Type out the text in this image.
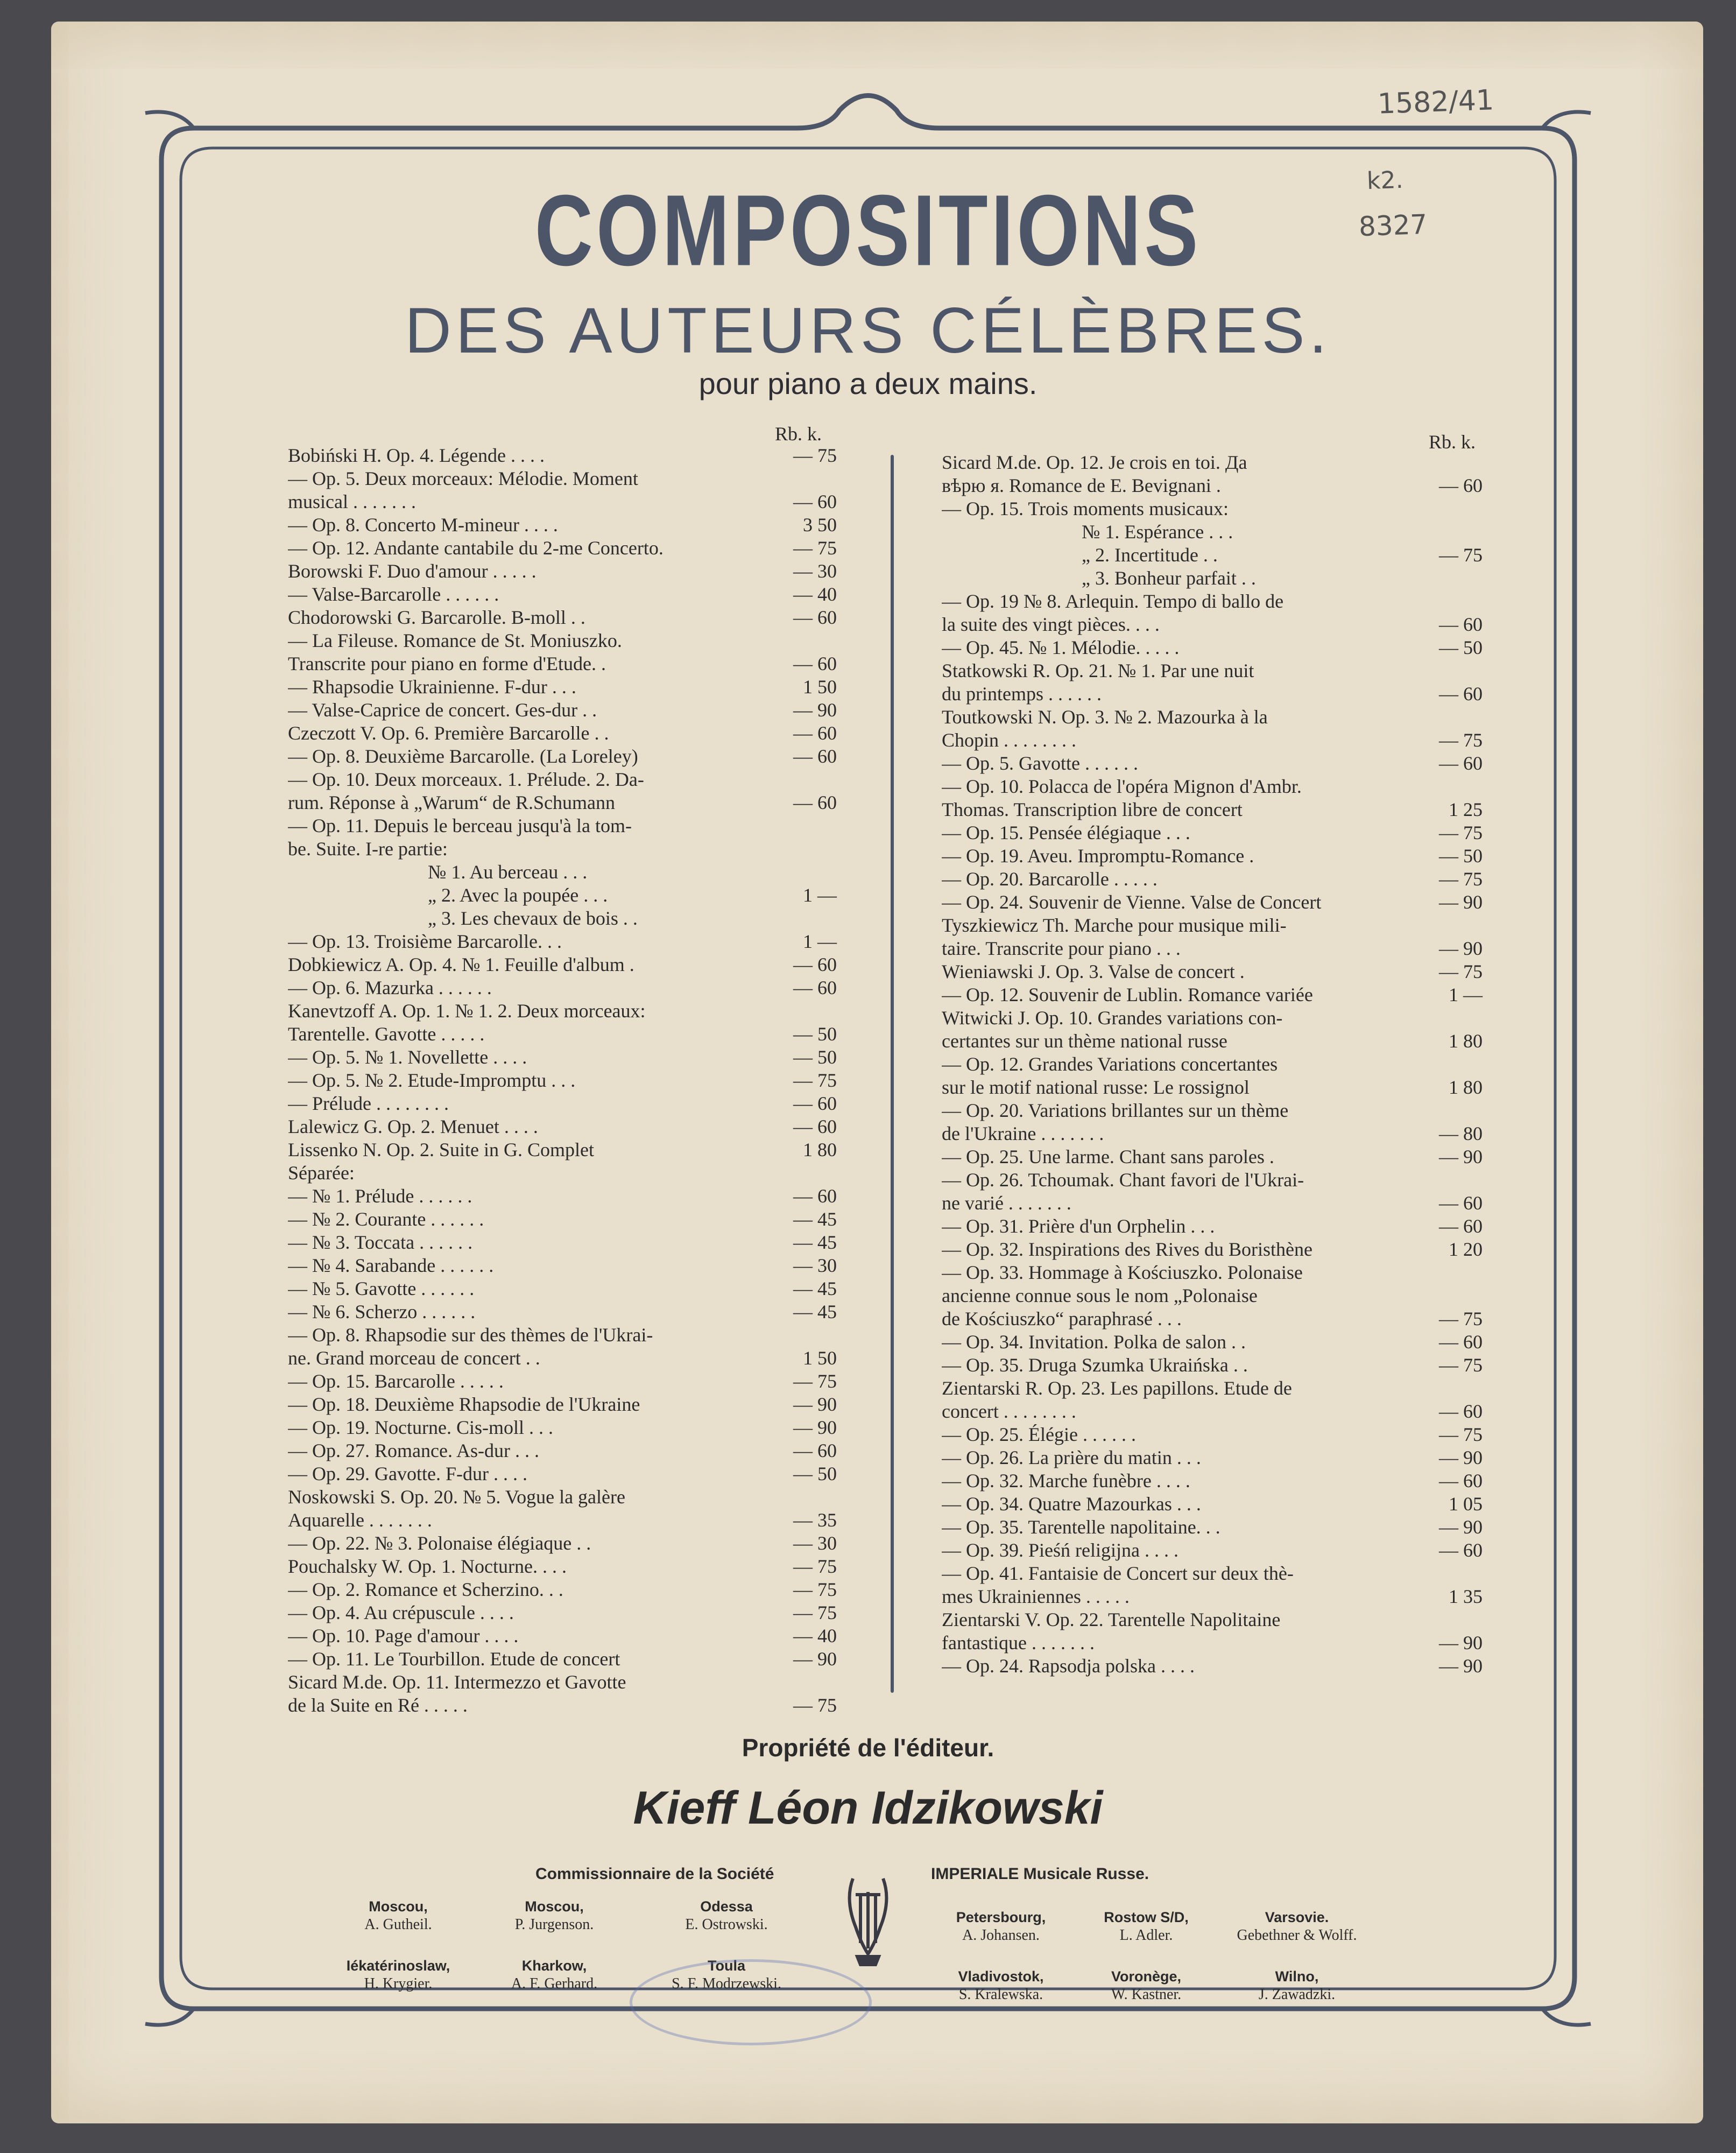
1582/41
k2.
8327
COMPOSITIONS
DES AUTEURS CÉLÈBRES.
pour piano a deux mains.
Rb. k.	Rb. k.
Bobiński H. Op. 4. Légende . . . .	— 75
— Op. 5. Deux morceaux: Mélodie. Moment
musical . . . . . . .	— 60
— Op. 8. Concerto M-mineur . . . .	3 50
— Op. 12. Andante cantabile du 2-me Concerto.	— 75
Borowski F. Duo d'amour . . . . .	— 30
— Valse-Barcarolle . . . . . .	— 40
Chodorowski G. Barcarolle. B-moll . .	— 60
— La Fileuse. Romance de St. Moniuszko.
Transcrite pour piano en forme d'Etude. .	— 60
— Rhapsodie Ukrainienne. F-dur . . .	1 50
— Valse-Caprice de concert. Ges-dur . .	— 90
Czeczott V. Op. 6. Première Barcarolle . .	— 60
— Op. 8. Deuxième Barcarolle. (La Loreley)	— 60
— Op. 10. Deux morceaux. 1. Prélude. 2. Da-
rum. Réponse à „Warum“ de R.Schumann	— 60
— Op. 11. Depuis le berceau jusqu'à la tom-
be. Suite. I-re partie:
№ 1. Au berceau . . .
„ 2. Avec la poupée . . .	1 —
„ 3. Les chevaux de bois . .
— Op. 13. Troisième Barcarolle. . .	1 —
Dobkiewicz A. Op. 4. № 1. Feuille d'album .	— 60
— Op. 6. Mazurka . . . . . .	— 60
Kanevtzoff A. Op. 1. № 1. 2. Deux morceaux:
Tarentelle. Gavotte . . . . .	— 50
— Op. 5. № 1. Novellette . . . .	— 50
— Op. 5. № 2. Etude-Impromptu . . .	— 75
— Prélude . . . . . . . .	— 60
Lalewicz G. Op. 2. Menuet . . . .	— 60
Lissenko N. Op. 2. Suite in G. Complet	1 80
Séparée:
— № 1. Prélude . . . . . .	— 60
— № 2. Courante . . . . . .	— 45
— № 3. Toccata . . . . . .	— 45
— № 4. Sarabande . . . . . .	— 30
— № 5. Gavotte . . . . . .	— 45
— № 6. Scherzo . . . . . .	— 45
— Op. 8. Rhapsodie sur des thèmes de l'Ukrai-
ne. Grand morceau de concert . .	1 50
— Op. 15. Barcarolle . . . . .	— 75
— Op. 18. Deuxième Rhapsodie de l'Ukraine	— 90
— Op. 19. Nocturne. Cis-moll . . .	— 90
— Op. 27. Romance. As-dur . . .	— 60
— Op. 29. Gavotte. F-dur . . . .	— 50
Noskowski S. Op. 20. № 5. Vogue la galère
Aquarelle . . . . . . .	— 35
— Op. 22. № 3. Polonaise élégiaque . .	— 30
Pouchalsky W. Op. 1. Nocturne. . . .	— 75
— Op. 2. Romance et Scherzino. . .	— 75
— Op. 4. Au crépuscule . . . .	— 75
— Op. 10. Page d'amour . . . .	— 40
— Op. 11. Le Tourbillon. Etude de concert	— 90
Sicard M.de. Op. 11. Intermezzo et Gavotte
de la Suite en Ré . . . . .	— 75
Sicard M.de. Op. 12. Je crois en toi. Да
вѣрю я. Romance de E. Bevignani .	— 60
— Op. 15. Trois moments musicaux:
№ 1. Espérance . . .
„ 2. Incertitude . .	— 75
„ 3. Bonheur parfait . .
— Op. 19 № 8. Arlequin. Tempo di ballo de
la suite des vingt pièces. . . .	— 60
— Op. 45. № 1. Mélodie. . . . .	— 50
Statkowski R. Op. 21. № 1. Par une nuit
du printemps . . . . . .	— 60
Toutkowski N. Op. 3. № 2. Mazourka à la
Chopin . . . . . . . .	— 75
— Op. 5. Gavotte . . . . . .	— 60
— Op. 10. Polacca de l'opéra Mignon d'Ambr.
Thomas. Transcription libre de concert	1 25
— Op. 15. Pensée élégiaque . . .	— 75
— Op. 19. Aveu. Impromptu-Romance .	— 50
— Op. 20. Barcarolle . . . . .	— 75
— Op. 24. Souvenir de Vienne. Valse de Concert	— 90
Tyszkiewicz Th. Marche pour musique mili-
taire. Transcrite pour piano . . .	— 90
Wieniawski J. Op. 3. Valse de concert .	— 75
— Op. 12. Souvenir de Lublin. Romance variée	1 —
Witwicki J. Op. 10. Grandes variations con-
certantes sur un thème national russe	1 80
— Op. 12. Grandes Variations concertantes
sur le motif national russe: Le rossignol	1 80
— Op. 20. Variations brillantes sur un thème
de l'Ukraine . . . . . . .	— 80
— Op. 25. Une larme. Chant sans paroles .	— 90
— Op. 26. Tchoumak. Chant favori de l'Ukrai-
ne varié . . . . . . .	— 60
— Op. 31. Prière d'un Orphelin . . .	— 60
— Op. 32. Inspirations des Rives du Boristhène	1 20
— Op. 33. Hommage à Kościuszko. Polonaise
ancienne connue sous le nom „Polonaise
de Kościuszko“ paraphrasé . . .	— 75
— Op. 34. Invitation. Polka de salon . .	— 60
— Op. 35. Druga Szumka Ukraińska . .	— 75
Zientarski R. Op. 23. Les papillons. Etude de
concert . . . . . . . .	— 60
— Op. 25. Élégie . . . . . .	— 75
— Op. 26. La prière du matin . . .	— 90
— Op. 32. Marche funèbre . . . .	— 60
— Op. 34. Quatre Mazourkas . . .	1 05
— Op. 35. Tarentelle napolitaine. . .	— 90
— Op. 39. Pieśń religijna . . . .	— 60
— Op. 41. Fantaisie de Concert sur deux thè-
mes Ukrainiennes . . . . .	1 35
Zientarski V. Op. 22. Tarentelle Napolitaine
fantastique . . . . . . .	— 90
— Op. 24. Rapsodja polska . . . .	— 90
Propriété de l'éditeur.
Kieff Léon Idzikowski
Commissionnaire de la Société	IMPERIALE Musicale Russe.
Moscou,
A. Gutheil.
Moscou,
P. Jurgenson.
Odessa
E. Ostrowski.	Petersbourg,
A. Johansen.
Rostow S/D,
L. Adler.
Varsovie.
Gebethner & Wolff.
Iékatérinoslaw,
H. Krygier.
Kharkow,
A. F. Gerhard.
Toula
S. F. Modrzewski.	Vladivostok,
S. Kralewska.
Voronège,
W. Kastner.
Wilno,
J. Zawadzki.
